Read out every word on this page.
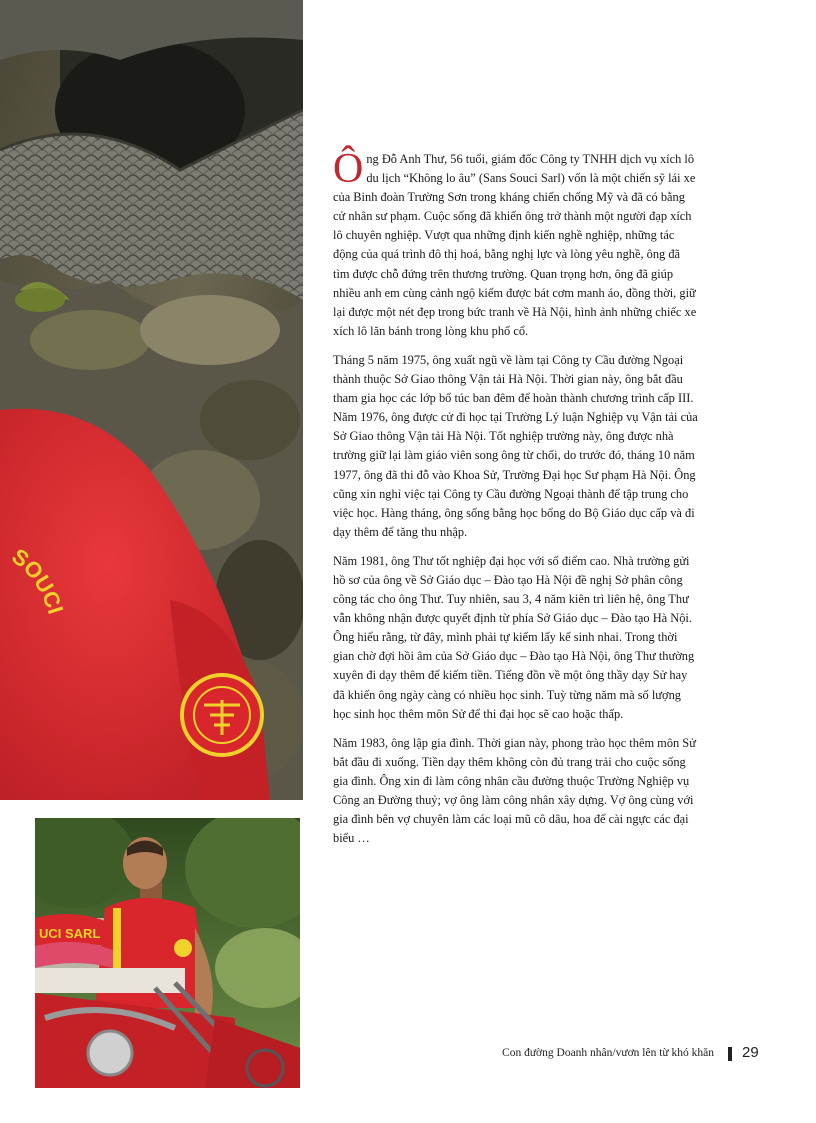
SOUCI
UCI SARL

Ông Đỗ Anh Thư, 56 tuổi, giám đốc Công ty TNHH dịch vụ xích lô du lịch “Không lo âu” (Sans Souci Sarl) vốn là một chiến sỹ lái xe của Binh đoàn Trường Sơn trong kháng chiến chống Mỹ và đã có bằng cử nhân sư phạm. Cuộc sống đã khiến ông trở thành một người đạp xích lô chuyên nghiệp. Vượt qua những định kiến nghề nghiệp, những tác động của quá trình đô thị hoá, bằng nghị lực và lòng yêu nghề, ông đã tìm được chỗ đứng trên thương trường. Quan trọng hơn, ông đã giúp nhiều anh em cùng cảnh ngộ kiếm được bát cơm manh áo, đồng thời, giữ lại được một nét đẹp trong bức tranh về Hà Nội, hình ảnh những chiếc xe xích lô lăn bánh trong lòng khu phố cổ.

Tháng 5 năm 1975, ông xuất ngũ về làm tại Công ty Cầu đường Ngoại thành thuộc Sở Giao thông Vận tải Hà Nội. Thời gian này, ông bắt đầu tham gia học các lớp bổ túc ban đêm để hoàn thành chương trình cấp III. Năm 1976, ông được cử đi học tại Trường Lý luận Nghiệp vụ Vận tải của Sở Giao thông Vận tải Hà Nội. Tốt nghiệp trường này, ông được nhà trường giữ lại làm giáo viên song ông từ chối, do trước đó, tháng 10 năm 1977, ông đã thi đỗ vào Khoa Sử, Trường Đại học Sư phạm Hà Nội. Ông cũng xin nghỉ việc tại Công ty Cầu đường Ngoại thành để tập trung cho việc học. Hàng tháng, ông sống bằng học bổng do Bộ Giáo dục cấp và đi dạy thêm để tăng thu nhập.

Năm 1981, ông Thư tốt nghiệp đại học với số điểm cao. Nhà trường gửi hồ sơ của ông về Sở Giáo dục – Đào tạo Hà Nội đề nghị Sở phân công công tác cho ông Thư. Tuy nhiên, sau 3, 4 năm kiên trì liên hệ, ông Thư vẫn không nhận được quyết định từ phía Sở Giáo dục – Đào tạo Hà Nội. Ông hiểu rằng, từ đây, mình phải tự kiếm lấy kế sinh nhai. Trong thời gian chờ đợi hồi âm của Sở Giáo dục – Đào tạo Hà Nội, ông Thư thường xuyên đi dạy thêm để kiếm tiền. Tiếng đồn về một ông thầy dạy Sử hay đã khiến ông ngày càng có nhiều học sinh. Tuỳ từng năm mà số lượng học sinh học thêm môn Sử để thi đại học sẽ cao hoặc thấp.

Năm 1983, ông lập gia đình. Thời gian này, phong trào học thêm môn Sử bắt đầu đi xuống. Tiền dạy thêm không còn đủ trang trải cho cuộc sống gia đình. Ông xin đi làm công nhân cầu đường thuộc Trường Nghiệp vụ Công an Đường thuỷ; vợ ông làm công nhân xây dựng. Vợ ông cùng với gia đình bên vợ chuyên làm các loại mũ cô dâu, hoa để cài ngực các đại biểu …

Con đường Doanh nhân/vươn lên từ khó khăn 29
